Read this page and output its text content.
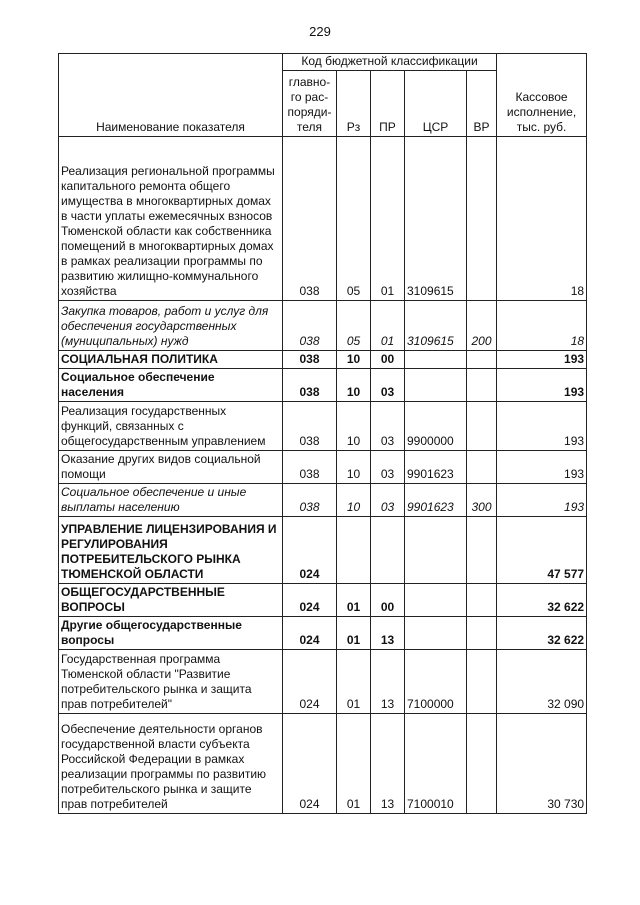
229
Наименование показателя	Код бюджетной классификации					Кассовое
исполнение,
тыс. руб.
	главно-
го рас-
поряди-
теля	Рз	ПР	ЦСР	ВР	
Реализация региональной программы капитального ремонта общего имущества в многоквартирных домах в части уплаты ежемесячных взносов Тюменской области как собственника помещений в многоквартирных домах в рамках реализации программы по развитию жилищно-коммунального хозяйства	038	05	01	3109615		18
Закупка товаров, работ и услуг для обеспечения государственных (муниципальных) нужд	038	05	01	3109615	200	18
СОЦИАЛЬНАЯ ПОЛИТИКА	038	10	00			193
Социальное обеспечение населения	038	10	03			193
Реализация государственных функций, связанных с общегосударственным управлением	038	10	03	9900000		193
Оказание других видов социальной помощи	038	10	03	9901623		193
Социальное обеспечение и иные выплаты населению	038	10	03	9901623	300	193
УПРАВЛЕНИЕ ЛИЦЕНЗИРОВАНИЯ И РЕГУЛИРОВАНИЯ ПОТРЕБИТЕЛЬСКОГО РЫНКА ТЮМЕНСКОЙ ОБЛАСТИ	024					47 577
ОБЩЕГОСУДАРСТВЕННЫЕ ВОПРОСЫ	024	01	00			32 622
Другие общегосударственные вопросы	024	01	13			32 622
Государственная программа Тюменской области "Развитие потребительского рынка и защита прав потребителей"	024	01	13	7100000		32 090
Обеспечение деятельности органов государственной власти субъекта Российской Федерации в рамках реализации программы по развитию потребительского рынка и защите прав потребителей	024	01	13	7100010		30 730
